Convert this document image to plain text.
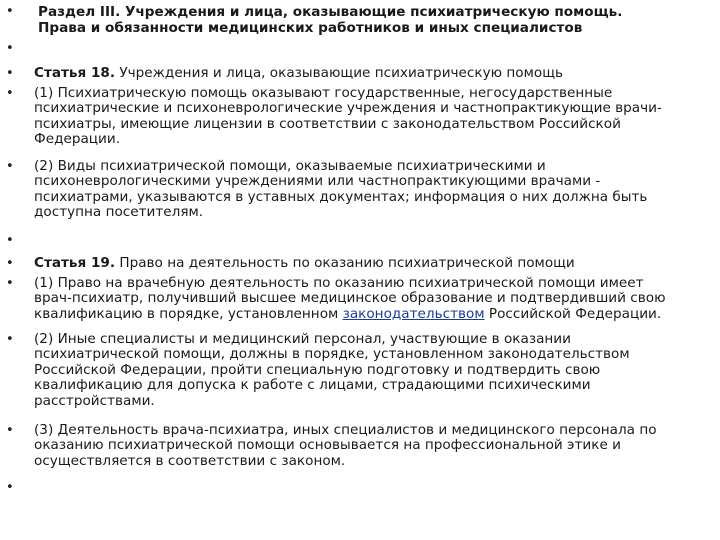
• Раздел III. Учреждения и лица, оказывающие психиатрическую помощь.
Права и обязанности медицинских работников и иных специалистов
•
• Статья 18. Учреждения и лица, оказывающие психиатрическую помощь
• (1) Психиатрическую помощь оказывают государственные, негосударственные
психиатрические и психоневрологические учреждения и частнопрактикующие врачи-
психиатры, имеющие лицензии в соответствии с законодательством Российской
Федерации.
• (2) Виды психиатрической помощи, оказываемые психиатрическими и
психоневрологическими учреждениями или частнопрактикующими врачами -
психиатрами, указываются в уставных документах; информация о них должна быть
доступна посетителям.
•
• Статья 19. Право на деятельность по оказанию психиатрической помощи
• (1) Право на врачебную деятельность по оказанию психиатрической помощи имеет
врач-психиатр, получивший высшее медицинское образование и подтвердивший свою
квалификацию в порядке, установленном законодательством Российской Федерации.
• (2) Иные специалисты и медицинский персонал, участвующие в оказании
психиатрической помощи, должны в порядке, установленном законодательством
Российской Федерации, пройти специальную подготовку и подтвердить свою
квалификацию для допуска к работе с лицами, страдающими психическими
расстройствами.
• (3) Деятельность врача-психиатра, иных специалистов и медицинского персонала по
оказанию психиатрической помощи основывается на профессиональной этике и
осуществляется в соответствии с законом.
•
